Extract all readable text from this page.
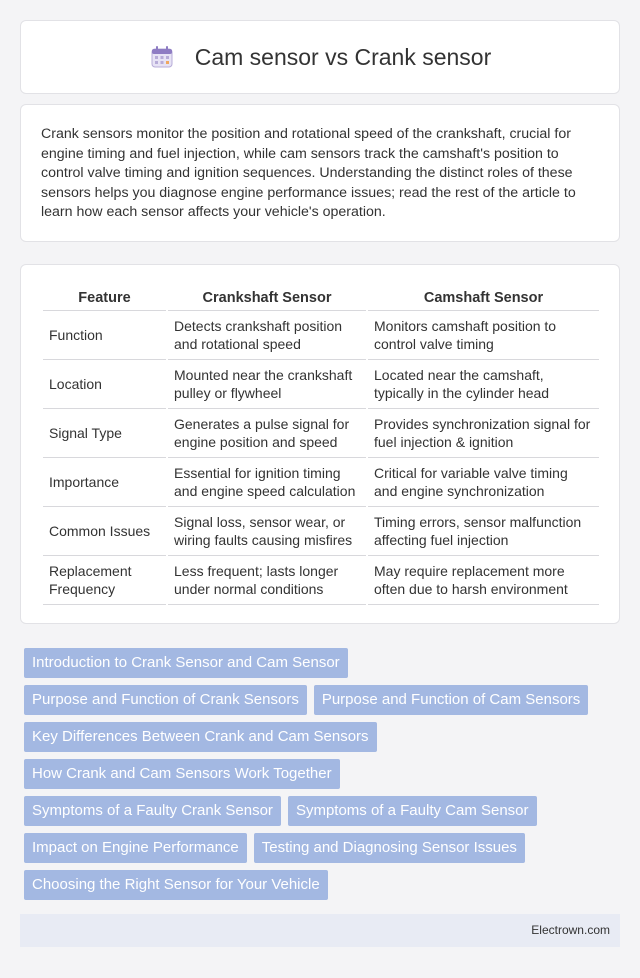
Cam sensor vs Crank sensor

Crank sensors monitor the position and rotational speed of the crankshaft, crucial for engine timing and fuel injection, while cam sensors track the camshaft's position to control valve timing and ignition sequences. Understanding the distinct roles of these sensors helps you diagnose engine performance issues; read the rest of the article to learn how each sensor affects your vehicle's operation.

Feature	Crankshaft Sensor	Camshaft Sensor
Function	Detects crankshaft position and rotational speed	Monitors camshaft position to control valve timing
Location	Mounted near the crankshaft pulley or flywheel	Located near the camshaft, typically in the cylinder head
Signal Type	Generates a pulse signal for engine position and speed	Provides synchronization signal for fuel injection & ignition
Importance	Essential for ignition timing and engine speed calculation	Critical for variable valve timing and engine synchronization
Common Issues	Signal loss, sensor wear, or wiring faults causing misfires	Timing errors, sensor malfunction affecting fuel injection
Replacement Frequency	Less frequent; lasts longer under normal conditions	May require replacement more often due to harsh environment
Introduction to Crank Sensor and Cam Sensor
Purpose and Function of Crank Sensors	Purpose and Function of Cam Sensors
Key Differences Between Crank and Cam Sensors
How Crank and Cam Sensors Work Together
Symptoms of a Faulty Crank Sensor	Symptoms of a Faulty Cam Sensor
Impact on Engine Performance	Testing and Diagnosing Sensor Issues
Choosing the Right Sensor for Your Vehicle
Electrown.com
